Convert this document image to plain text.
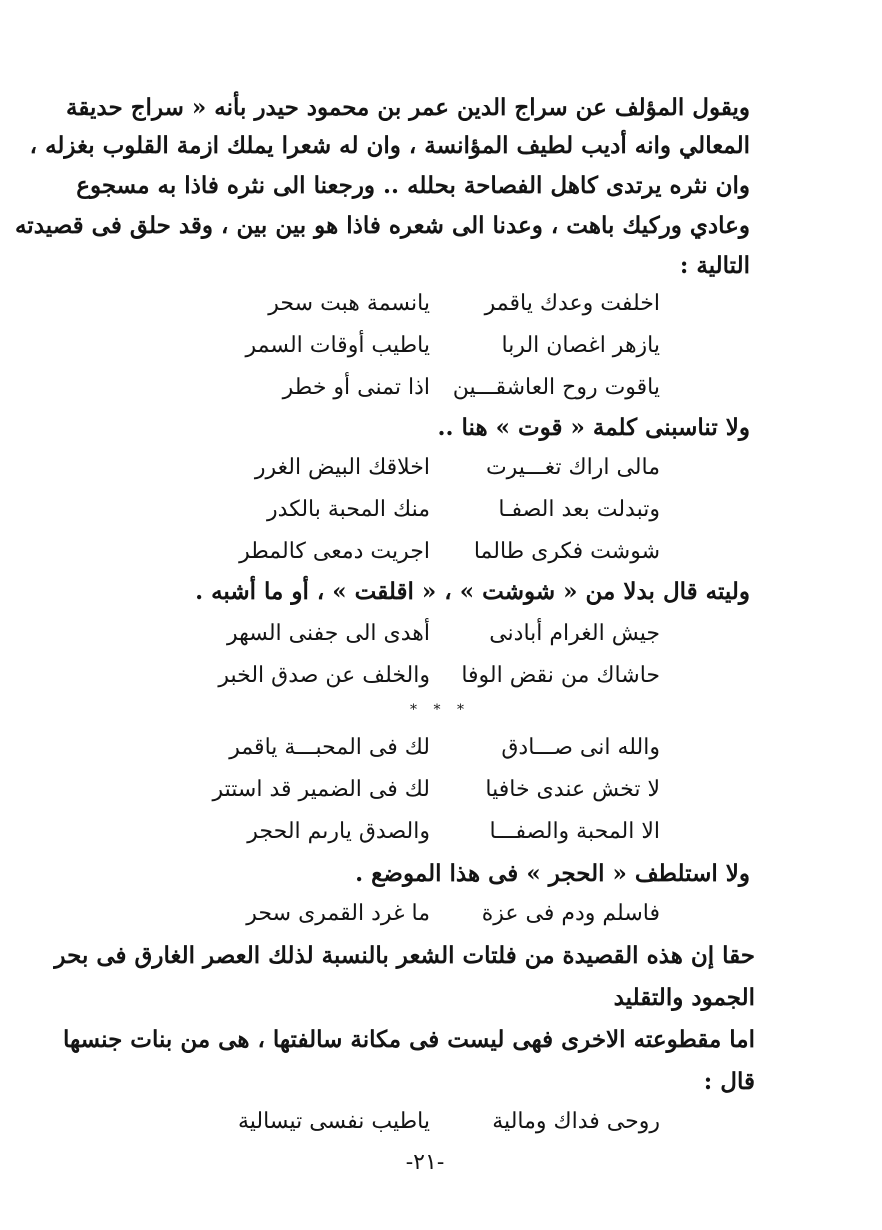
ويقول المؤلف عن سراج الدين عمر بن محمود حيدر بأنه « سراج حديقة
المعالي وانه أديب لطيف المؤانسة ، وان له شعرا يملك ازمة القلوب بغزله ،
وان نثره يرتدى كاهل الفصاحة بحلله .. ورجعنا الى نثره فاذا به مسجوع
وعادي وركيك باهت ، وعدنا الى شعره فاذا هو بين بين ، وقد حلق فى قصيدته
التالية :
اخلفت وعدك ياقمر
يانسمة هبت سحر
يازهر اغصان الربا
ياطيب أوقات السمر
ياقوت روح العاشقـــين
اذا تمنى أو خطر
ولا تناسبنى كلمة « قوت » هنا ..
مالى اراك تغـــيرت
اخلاقك البيض الغرر
وتبدلت بعد الصفـا
منك المحبة بالكدر
شوشت فكرى طالما
اجريت دمعى كالمطر
وليته قال بدلا من « شوشت » ، « اقلقت » ، أو ما أشبه .
جيش الغرام أبادنى
أهدى الى جفنى السهر
حاشاك من نقض الوفا
والخلف عن صدق الخبر
* * *
والله انى صـــادق
لك فى المحبـــة ياقمر
لا تخش عندى خافيا
لك فى الضمير قد استتر
الا المحبة والصفـــا
والصدق يارىم الحجر
ولا استلطف « الحجر » فى هذا الموضع .
فاسلم ودم فى عزة
ما غرد القمرى سحر
حقا إن هذه القصيدة من فلتات الشعر بالنسبة لذلك العصر الغارق فى بحر
الجمود والتقليد
اما مقطوعته الاخرى فهى ليست فى مكانة سالفتها ، هى من بنات جنسها
قال :
روحى فداك ومالية
ياطيب نفسى تيسالية
-٢١-
